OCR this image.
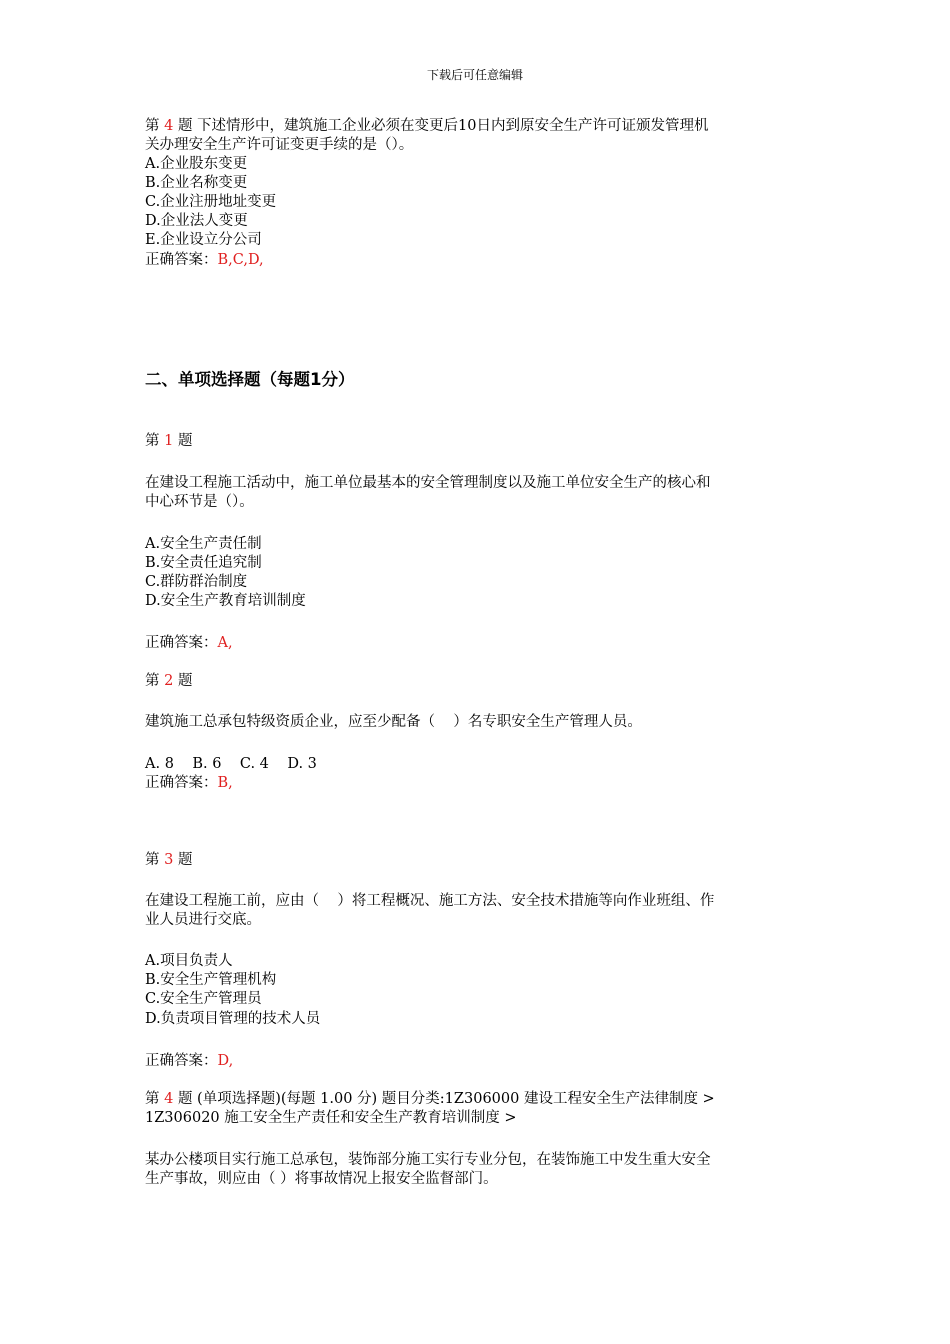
下载后可任意编辑
第 4 题 下述情形中，建筑施工企业必须在变更后10日内到原安全生产许可证颁发管理机
关办理安全生产许可证变更手续的是（）。
A.企业股东变更
B.企业名称变更
C.企业注册地址变更
D.企业法人变更
E.企业设立分公司
正确答案：B,C,D,
二、单项选择题（每题1分）
第 1 题
在建设工程施工活动中，施工单位最基本的安全管理制度以及施工单位安全生产的核心和
中心环节是（）。
A.安全生产责任制
B.安全责任追究制
C.群防群治制度
D.安全生产教育培训制度
正确答案：A,
第 2 题
建筑施工总承包特级资质企业，应至少配备（    ）名专职安全生产管理人员。
A. 8    B. 6    C. 4    D. 3
正确答案：B,
第 3 题
在建设工程施工前，应由（    ）将工程概况、施工方法、安全技术措施等向作业班组、作
业人员进行交底。
A.项目负责人
B.安全生产管理机构
C.安全生产管理员
D.负责项目管理的技术人员
正确答案：D,
第 4 题 (单项选择题)(每题 1.00 分) 题目分类:1Z306000 建设工程安全生产法律制度 >
1Z306020 施工安全生产责任和安全生产教育培训制度 >
某办公楼项目实行施工总承包，装饰部分施工实行专业分包，在装饰施工中发生重大安全
生产事故，则应由（ ）将事故情况上报安全监督部门。
